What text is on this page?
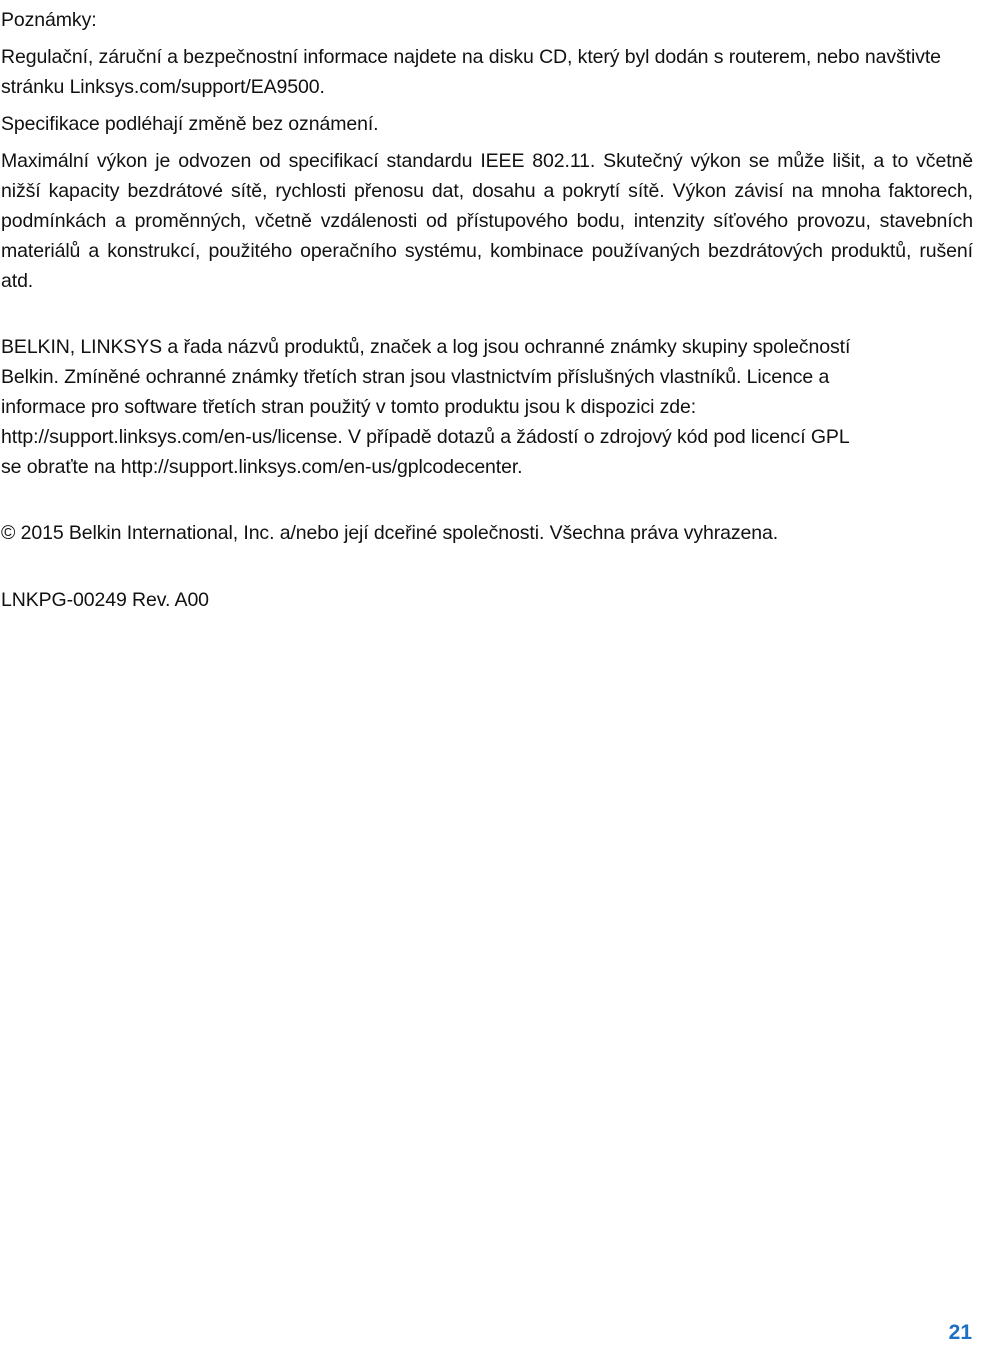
Poznámky:

Regulační, záruční a bezpečnostní informace najdete na disku CD, který byl dodán s routerem, nebo navštivte stránku Linksys.com/support/EA9500.

Specifikace podléhají změně bez oznámení.

Maximální výkon je odvozen od specifikací standardu IEEE 802.11. Skutečný výkon se může lišit, a to včetně nižší kapacity bezdrátové sítě, rychlosti přenosu dat, dosahu a pokrytí sítě. Výkon závisí na mnoha faktorech, podmínkách a proměnných, včetně vzdálenosti od přístupového bodu, intenzity síťového provozu, stavebních materiálů a konstrukcí, použitého operačního systému, kombinace používaných bezdrátových produktů, rušení atd.

BELKIN, LINKSYS a řada názvů produktů, značek a log jsou ochranné známky skupiny společností
Belkin. Zmíněné ochranné známky třetích stran jsou vlastnictvím příslušných vlastníků. Licence a
informace pro software třetích stran použitý v tomto produktu jsou k dispozici zde:
http://support.linksys.com/en-us/license. V případě dotazů a žádostí o zdrojový kód pod licencí GPL
se obraťte na http://support.linksys.com/en-us/gplcodecenter.

© 2015 Belkin International, Inc. a/nebo její dceřiné společnosti. Všechna práva vyhrazena.

LNKPG-00249 Rev. A00

21
